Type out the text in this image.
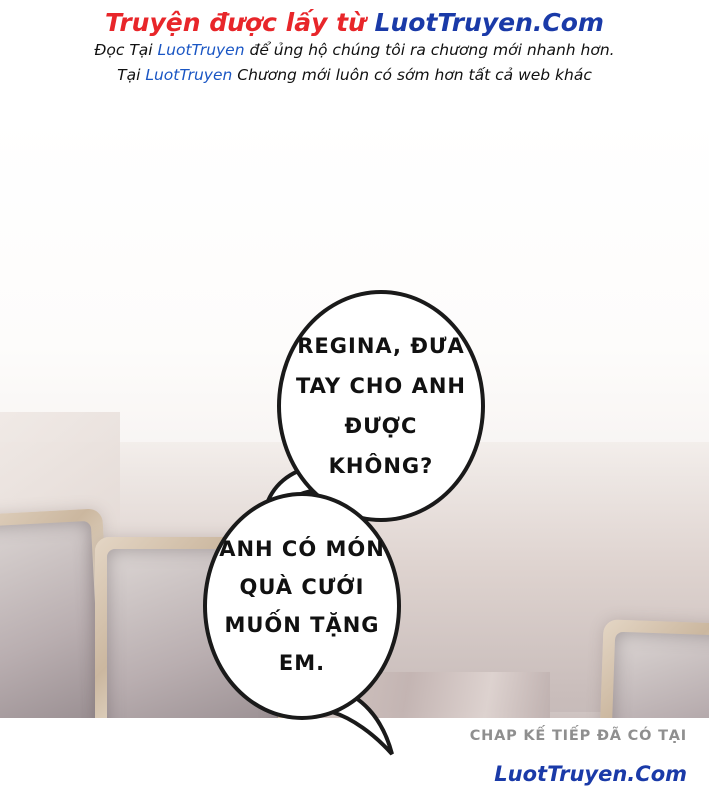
Truyện được lấy từ LuotTruyen.Com
Đọc Tại LuotTruyen để ủng hộ chúng tôi ra chương mới nhanh hơn.
Tại LuotTruyen Chương mới luôn có sớm hơn tất cả web khác
REGINA, ĐƯA TAY CHO ANH ĐƯỢC KHÔNG?
ANH CÓ MÓN QUÀ CƯỚI MUỐN TẶNG EM.
CHAP KẾ TIẾP ĐÃ CÓ TẠI
LuotTruyen.Com
